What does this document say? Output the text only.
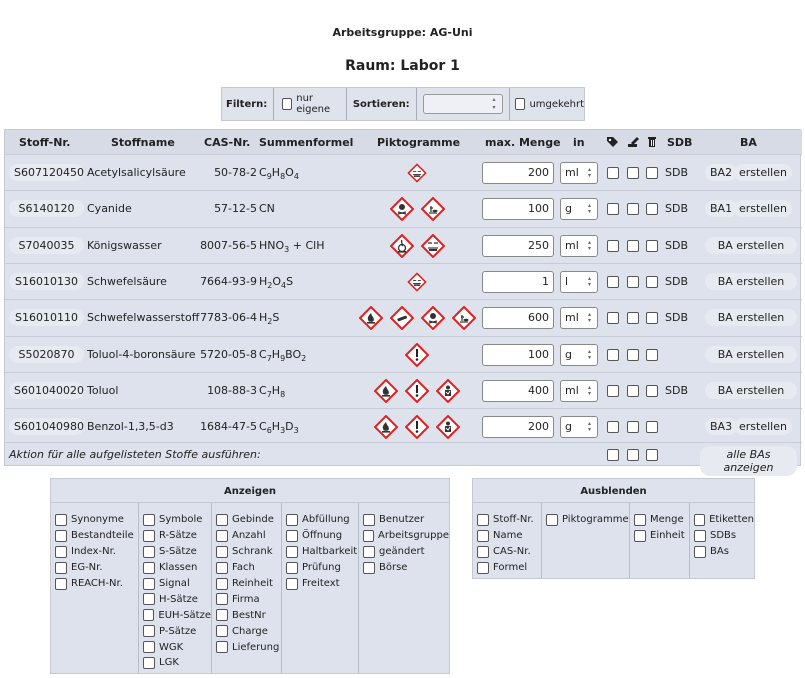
Arbeitsgruppe: AG-Uni
Raum: Labor 1
Filtern:	nur eigene	Sortieren:
▴▾	umgekehrt
Stoff-Nr.	Stoffname	CAS-Nr. Summenformel Piktogramme max. Menge in	SDB	BA
S607120450 Acetylsalicylsäure	50-78-2 $C_9H_8O_4$	200	ml ▴▾	SDB	BA2 erstellen
S6140120	Cyanide	57-12-5 CN	100	g ▴▾	SDB	BA1 erstellen
S7040035	Königswasser	8007-56-5 $HNO_3$ + ClH	250	ml ▴▾	SDB	BA erstellen
S16010130 Schwefelsäure	7664-93-9 $H_2O_4S$	1	l ▴▾	SDB	BA erstellen
S16010110 Schwefelwasserstoff 7783-06-4 $H_2S$	600	ml ▴▾	SDB	BA erstellen
S5020870	Toluol-4-boronsäure 5720-05-8 $C_7H_9BO_2$	100	g ▴▾	BA erstellen
S601040020 Toluol	108-88-3 $C_7H_8$	400	ml ▴▾	SDB	BA erstellen
S601040980 Benzol-1,3,5-d3	1684-47-5 $C_6H_3D_3$	200	g ▴▾	BA3 erstellen
Aktion für alle aufgelisteten Stoffe ausführen:	alle BAs anzeigen
Anzeigen
Synonyme
Bestandteile
Index-Nr.
EG-Nr.
REACH-Nr.
Symbole
R-Sätze
S-Sätze
Klassen
Signal
H-Sätze
EUH-Sätze
P-Sätze
WGK
LGK
Gebinde
Anzahl
Schrank
Fach
Reinheit
Firma
BestNr
Charge
Lieferung
Abfüllung
Öffnung
Haltbarkeit
Prüfung
Freitext
Benutzer
Arbeitsgruppe
geändert
Börse
Ausblenden
Stoff-Nr.
Name
CAS-Nr.
Formel
Piktogramme Menge
Einheit
Etiketten
SDBs
BAs
